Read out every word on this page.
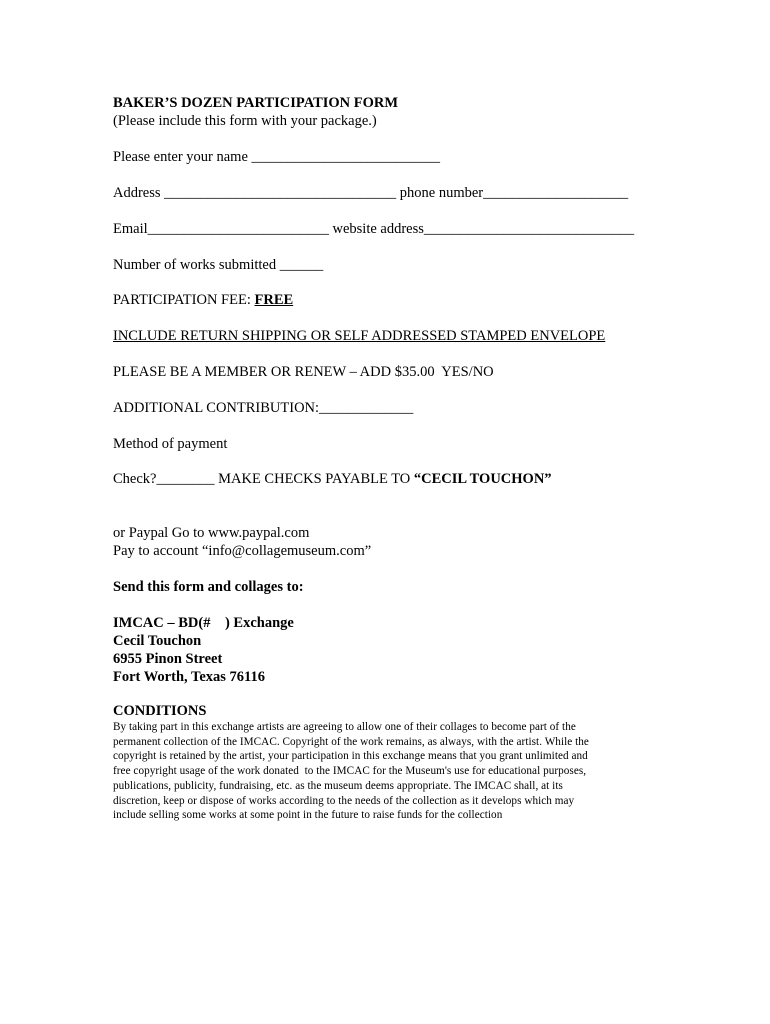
BAKER’S DOZEN PARTICIPATION FORM
(Please include this form with your package.)
Please enter your name __________________________
Address ________________________________ phone number____________________
Email_________________________ website address_____________________________
Number of works submitted ______
PARTICIPATION FEE: FREE
INCLUDE RETURN SHIPPING OR SELF ADDRESSED STAMPED ENVELOPE
PLEASE BE A MEMBER OR RENEW – ADD $35.00  YES/NO
ADDITIONAL CONTRIBUTION:_____________
Method of payment
Check?________ MAKE CHECKS PAYABLE TO “CECIL TOUCHON”
or Paypal Go to www.paypal.com
Pay to account “info@collagemuseum.com”
Send this form and collages to:
IMCAC – BD(#    ) Exchange
Cecil Touchon
6955 Pinon Street
Fort Worth, Texas 76116
CONDITIONS
By taking part in this exchange artists are agreeing to allow one of their collages to become part of the
permanent collection of the IMCAC. Copyright of the work remains, as always, with the artist. While the
copyright is retained by the artist, your participation in this exchange means that you grant unlimited and
free copyright usage of the work donated  to the IMCAC for the Museum's use for educational purposes,
publications, publicity, fundraising, etc. as the museum deems appropriate. The IMCAC shall, at its
discretion, keep or dispose of works according to the needs of the collection as it develops which may
include selling some works at some point in the future to raise funds for the collection
